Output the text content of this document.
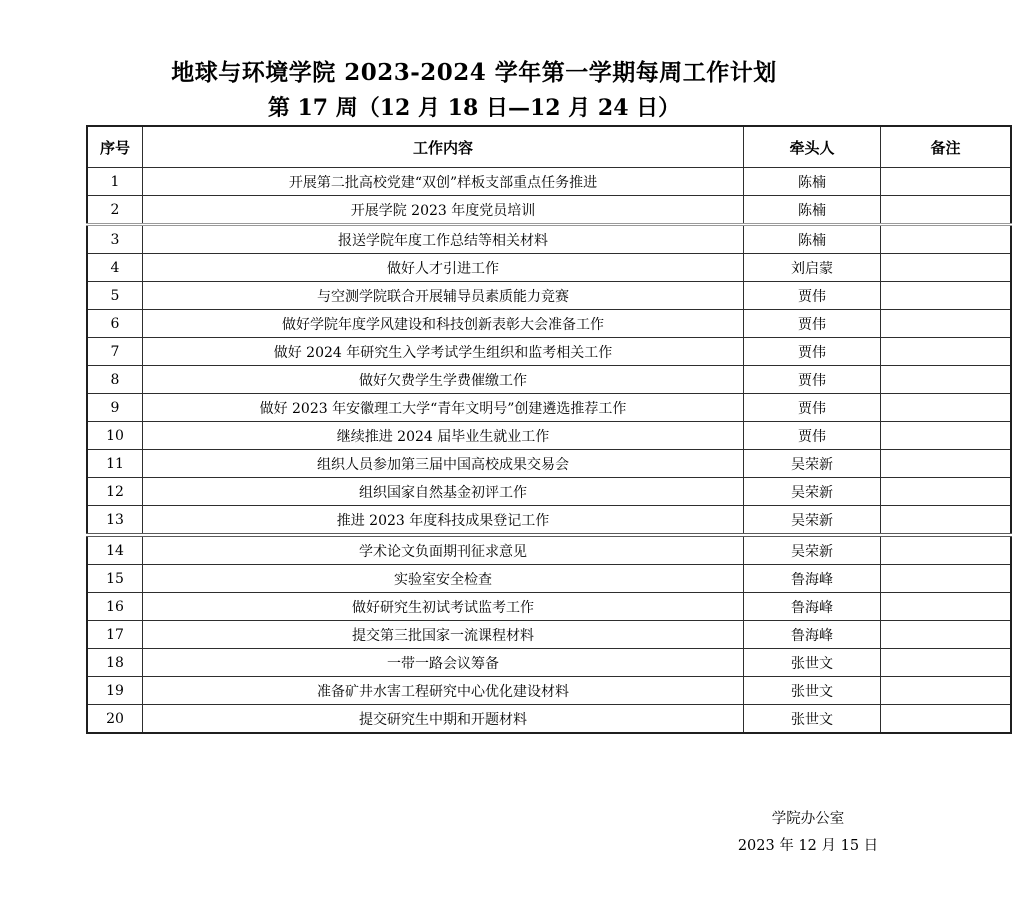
地球与环境学院 2023-2024 学年第一学期每周工作计划
第 17 周（12 月 18 日—12 月 24 日）
序号	工作内容	牵头人	备注
1	开展第二批高校党建“双创”样板支部重点任务推进	陈楠	
2	开展学院 2023 年度党员培训	陈楠	
3	报送学院年度工作总结等相关材料	陈楠	
4	做好人才引进工作	刘启蒙	
5	与空测学院联合开展辅导员素质能力竞赛	贾伟	
6	做好学院年度学风建设和科技创新表彰大会准备工作	贾伟	
7	做好 2024 年研究生入学考试学生组织和监考相关工作	贾伟	
8	做好欠费学生学费催缴工作	贾伟	
9	做好 2023 年安徽理工大学“青年文明号”创建遴选推荐工作	贾伟	
10	继续推进 2024 届毕业生就业工作	贾伟	
11	组织人员参加第三届中国高校成果交易会	吴荣新	
12	组织国家自然基金初评工作	吴荣新	
13	推进 2023 年度科技成果登记工作	吴荣新	
14	学术论文负面期刊征求意见	吴荣新	
15	实验室安全检查	鲁海峰	
16	做好研究生初试考试监考工作	鲁海峰	
17	提交第三批国家一流课程材料	鲁海峰	
18	一带一路会议筹备	张世文	
19	准备矿井水害工程研究中心优化建设材料	张世文	
20	提交研究生中期和开题材料	张世文	
学院办公室
2023 年 12 月 15 日
